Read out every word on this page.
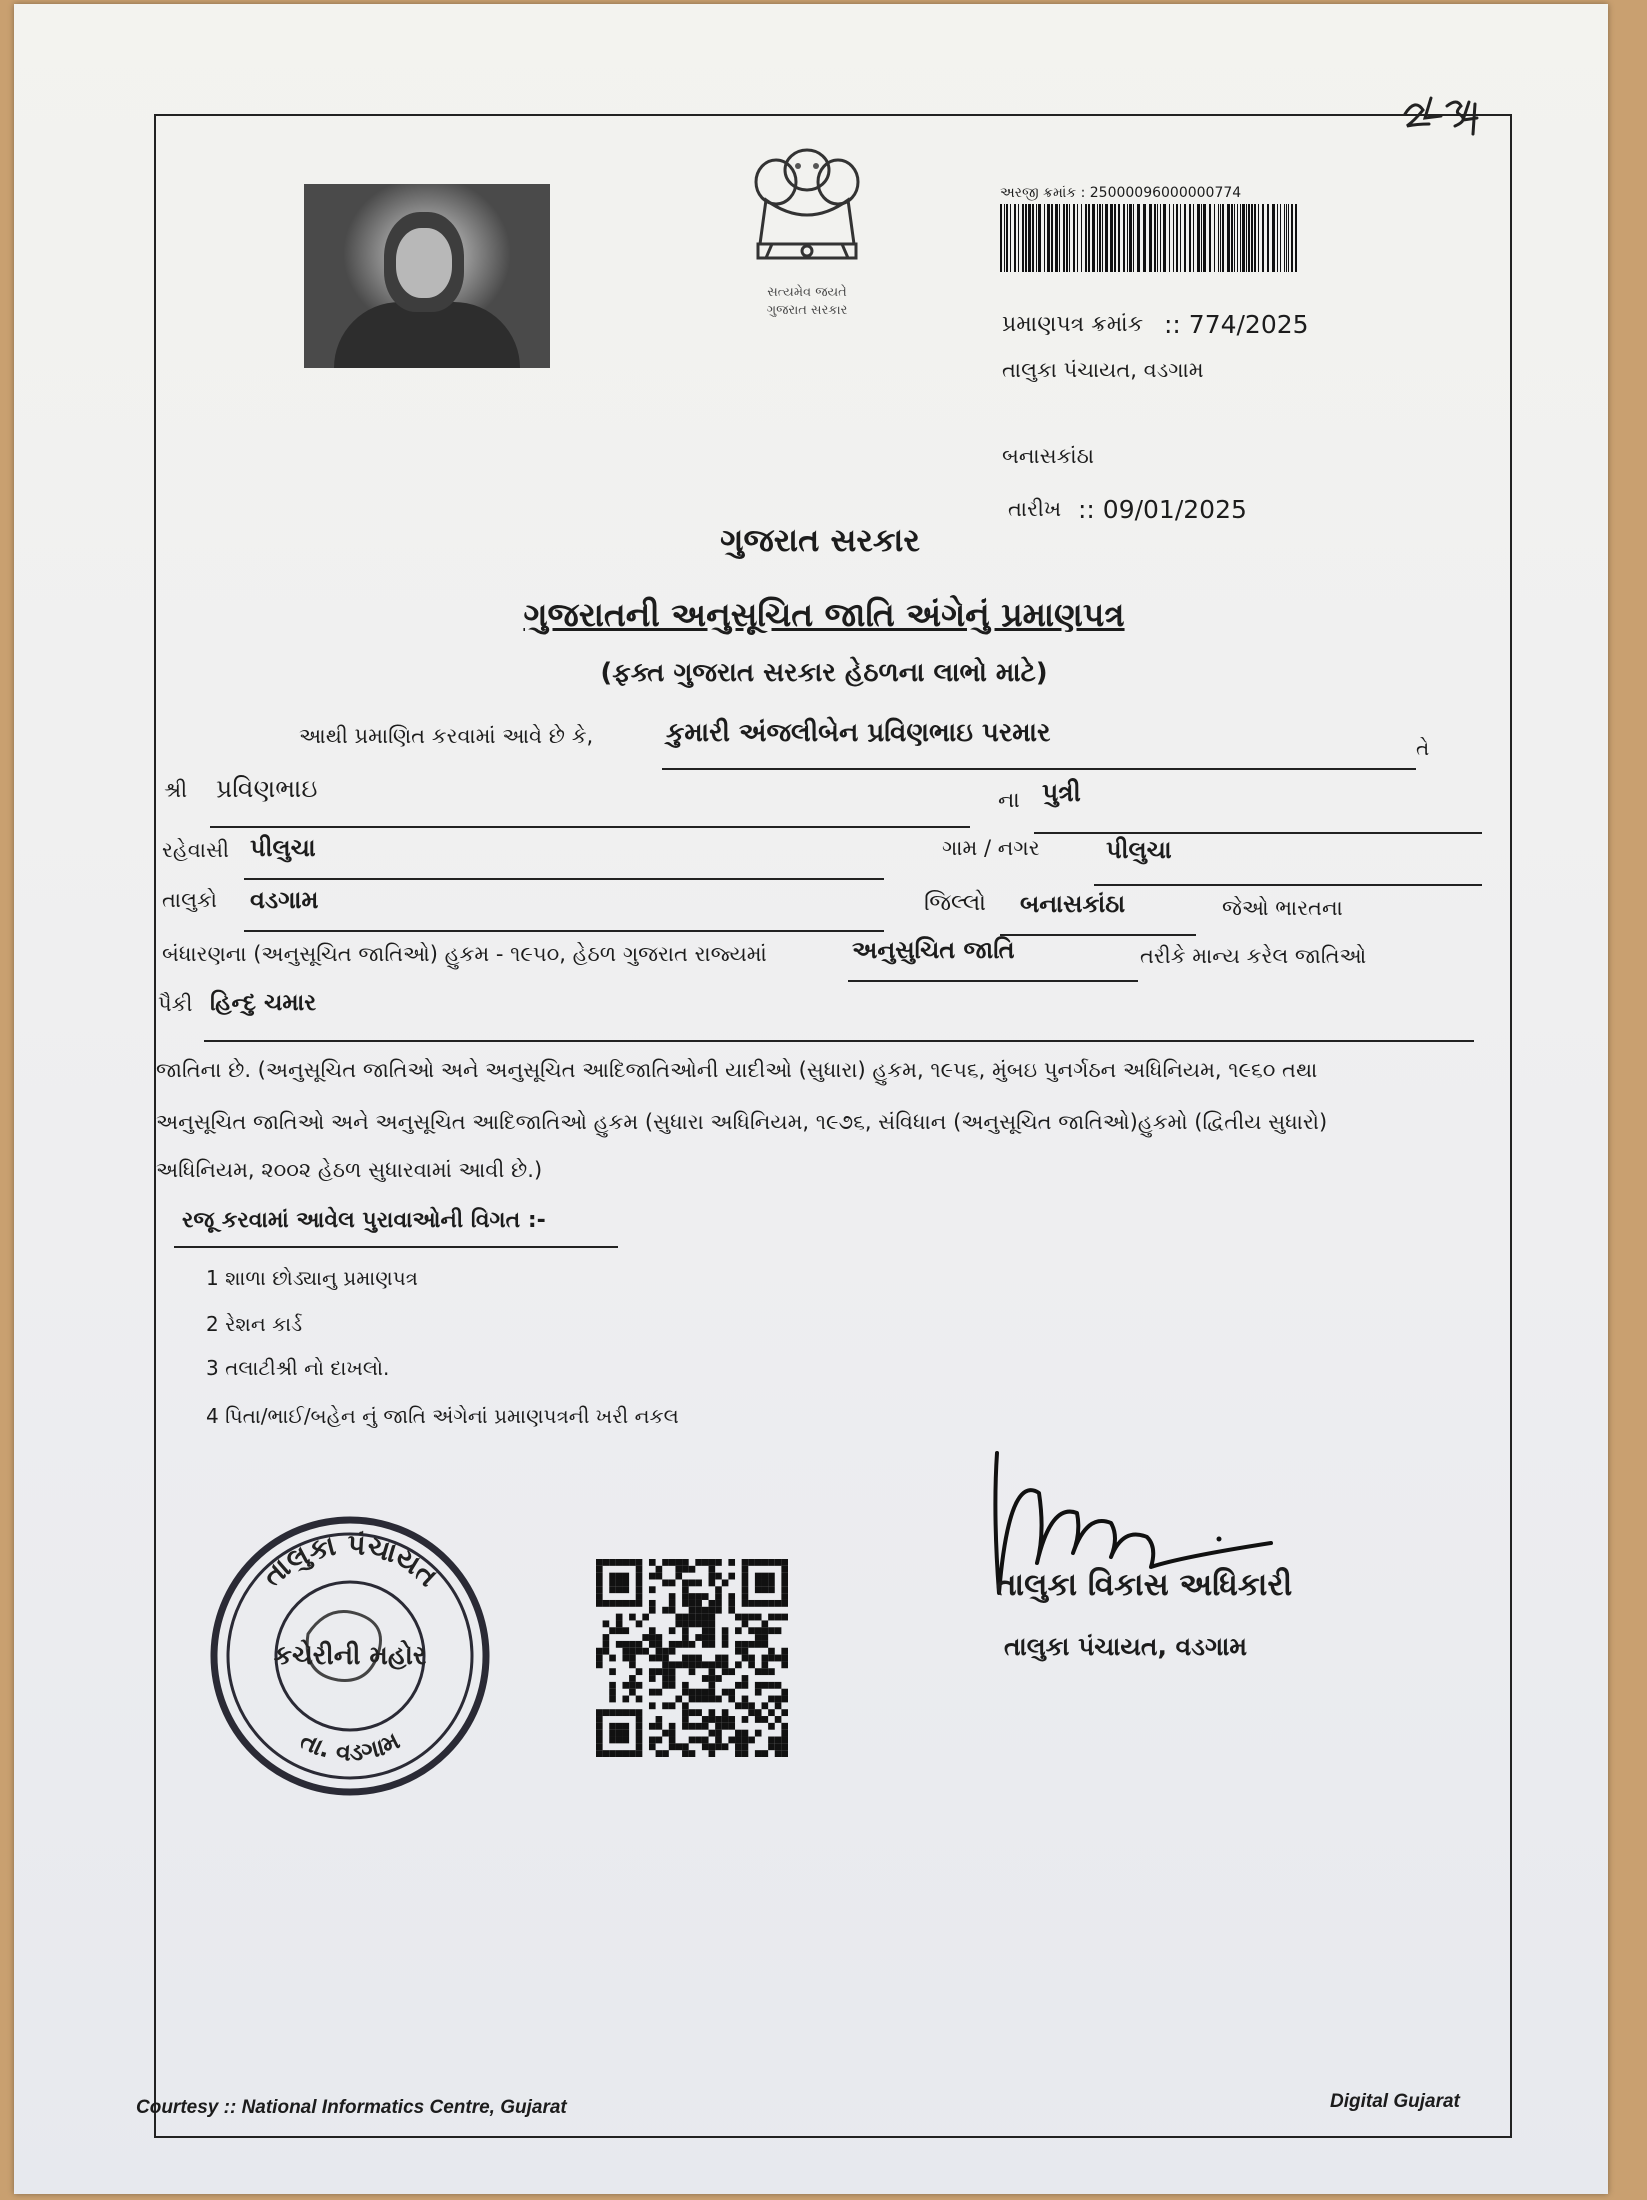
સત્યમેવ જયતે
ગુજરાત સરકાર
અરજી ક્રમાંક : 25000096000000774
પ્રમાણપત્ર ક્રમાંક :: 774/2025
તાલુકા પંચાયત, વડગામ
બનાસકાંઠા
તારીખ :: 09/01/2025
ગુજરાત સરકાર
ગુજરાતની અનુસૂચિત જાતિ અંગેનું પ્રમાણપત્ર
(ફક્ત ગુજરાત સરકાર હેઠળના લાભો માટે)
આથી પ્રમાણિત કરવામાં આવે છે કે,	કુમારી અંજલીબેન પ્રવિણભાઇ પરમાર	તે
શ્રી પ્રવિણભાઇ	ના પુત્રી
રહેવાસી પીલુચા	ગામ / નગર	પીલુચા
તાલુકો વડગામ	જિલ્લો બનાસકાંઠા	જેઓ ભારતના
બંધારણના (અનુસૂચિત જાતિઓ) હુકમ - ૧૯૫૦, હેઠળ ગુજરાત રાજ્યમાં	અનુસુચિત જાતિ	તરીકે માન્ય કરેલ જાતિઓ
પૈકી હિન્દુ ચમાર
જાતિના છે. (અનુસૂચિત જાતિઓ અને અનુસૂચિત આદિજાતિઓની યાદીઓ (સુધારા) હુકમ, ૧૯૫૬, મુંબઇ પુનર્ગઠન અધિનિયમ, ૧૯૬૦ તથા
અનુસૂચિત જાતિઓ અને અનુસૂચિત આદિજાતિઓ હુકમ (સુધારા અધિનિયમ, ૧૯૭૬, સંવિધાન (અનુસૂચિત જાતિઓ)હુકમો (દ્વિતીય સુધારો)
અધિનિયમ, ૨૦૦૨ હેઠળ સુધારવામાં આવી છે.)
રજૂ કરવામાં આવેલ પુરાવાઓની વિગત :-
1 શાળા છોડ્યાનુ પ્રમાણપત્ર
2 રેશન કાર્ડ
3 તલાટીશ્રી નો દાખલો.
4 પિતા/ભાઈ/બહેન નું જાતિ અંગેનાં પ્રમાણપત્રની ખરી નકલ
તાલુકા પંચાયત
કચેરીની મહોર
તા. વડગામ
તાલુકા વિકાસ અધિકારી
તાલુકા પંચાયત, વડગામ
Courtesy :: National Informatics Centre, Gujarat	Digital Gujarat
